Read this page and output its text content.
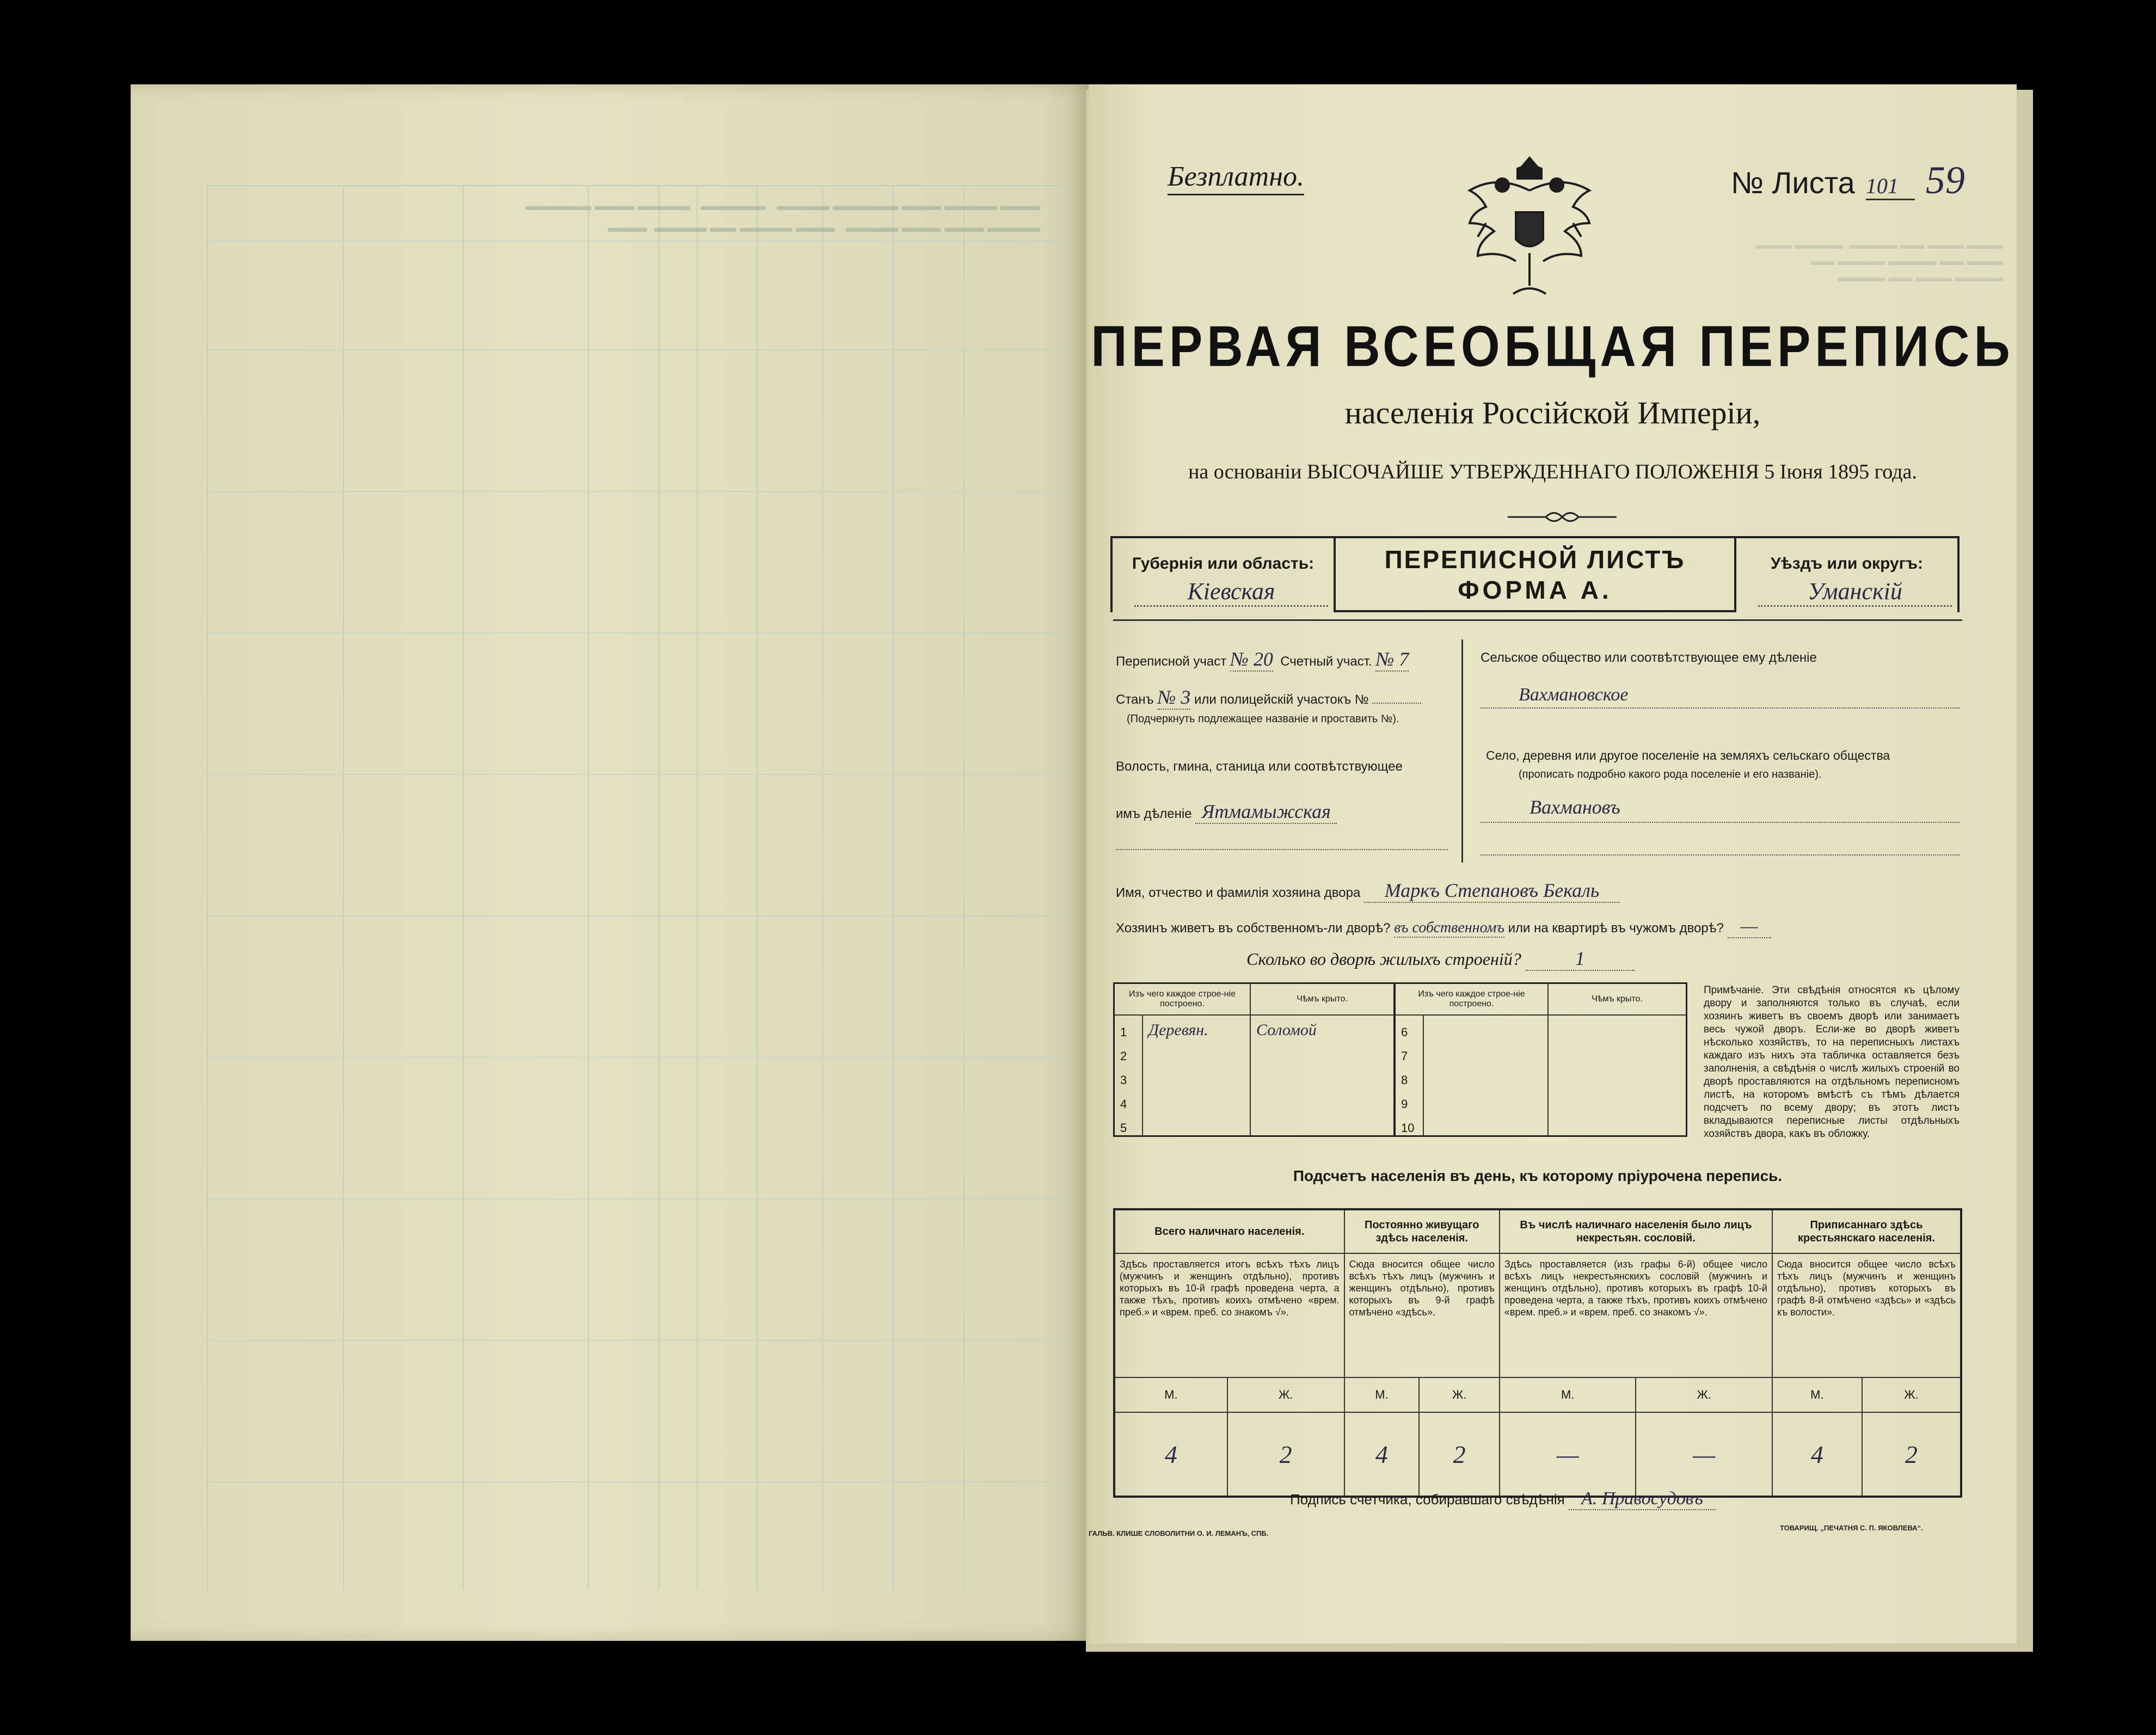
▬▬▬ ▬▬▬▬ ▬▬▬ ▬▬▬▬▬ ▬▬▬▬   ▬▬▬▬▬   ▬▬▬▬ ▬▬▬ ▬▬▬▬▬
▬▬▬▬ ▬▬▬ ▬▬▬ ▬▬▬▬   ▬▬▬ ▬▬▬▬ ▬▬ ▬▬▬▬  ▬▬▬
▬▬▬ ▬▬▬ ▬▬ ▬▬▬▬  ▬▬▬▬ ▬▬▬
▬▬▬ ▬▬ ▬▬▬▬ ▬▬▬▬ ▬▬
▬▬▬▬ ▬▬▬ ▬▬ ▬▬▬▬
Безплатно.	№ Листа 101 59
ПЕРВАЯ ВСЕОБЩАЯ ПЕРЕПИСЬ
населенія Россійской Имперіи,
на основаніи ВЫСОЧАЙШЕ УТВЕРЖДЕННАГО ПОЛОЖЕНІЯ 5 Іюня 1895 года.
Губернія или область:
Кіевская
ПЕРЕПИСНОЙ ЛИСТЪ
ФОРМА А.
Уѣздъ или округъ:
Уманскій
Переписной участ № 20 Счетный участ. № 7
Станъ № 3 или полицейскій участокъ №
(Подчеркнуть подлежащее названіе и проставить №).
Волость, гмина, станица или соотвѣтствующее
имъ дѣленіе Ятмамыжская
Сельское общество или соотвѣтствующее ему дѣленіе
Вахмановское
Село, деревня или другое поселеніе на земляхъ сельскаго общества
(прописать подробно какого рода поселеніе и его названіе).
Вахмановъ
Имя, отчество и фамилія хозяина двора Маркъ Степановъ Бекаль
Хозяинъ живетъ въ собственномъ-ли дворѣ? въ собственномъ или на квартирѣ въ чужомъ дворѣ? —
Сколько во дворѣ жилыхъ строеній?	1
Изъ чего каждое строе-ніе построено.		Чѣмъ крыто.	Изъ чего каждое строе-ніе построено.		Чѣмъ крыто.
1	Деревян.	Соломой	6		
2			7		
3			8		
4			9		
5			10		
Примѣчаніе. Эти свѣдѣнія относятся къ цѣлому двору и заполняются только въ случаѣ, если хозяинъ живетъ въ своемъ дворѣ или занимаетъ весь чужой дворъ. Если-же во дворѣ живетъ нѣсколько хозяйствъ, то на переписныхъ листахъ каждаго изъ нихъ эта табличка оставляется безъ заполненія, а свѣдѣнія о числѣ жилыхъ строеній во дворѣ проставляются на отдѣльномъ переписномъ листѣ, на которомъ вмѣстѣ съ тѣмъ дѣлается подсчетъ по всему двору; въ этотъ листъ вкладываются переписные листы отдѣльныхъ хозяйствъ двора, какъ въ обложку.
Подсчетъ населенія въ день, къ которому пріурочена перепись.
Всего наличнаго населенія.		Постоянно живущаго здѣсь населенія.		Въ числѣ наличнаго населенія было лицъ некрестьян. сословій.		Приписаннаго здѣсь крестьянскаго населенія.	
Здѣсь проставляется итогъ всѣхъ тѣхъ лицъ (мужчинъ и женщинъ отдѣльно), противъ которыхъ въ 10-й графѣ проведена черта, а также тѣхъ, противъ коихъ отмѣчено «врем. преб.» и «врем. преб. со знакомъ √».		Сюда вносится общее число всѣхъ тѣхъ лицъ (мужчинъ и женщинъ отдѣльно), противъ которыхъ въ 9-й графѣ отмѣчено «здѣсь».		Здѣсь проставляется (изъ графы 6-й) общее число всѣхъ лицъ некрестьянскихъ сословій (мужчинъ и женщинъ отдѣльно), противъ которыхъ въ графѣ 10-й проведена черта, а также тѣхъ, противъ коихъ отмѣчено «врем. преб.» и «врем. преб. со знакомъ √».		Сюда вносится общее число всѣхъ тѣхъ лицъ (мужчинъ и женщинъ отдѣльно), противъ которыхъ въ графѣ 8-й отмѣчено «здѣсь» и «здѣсь къ волости».	
М.	Ж.	М.	Ж.	М.	Ж.	М.	Ж.
4	2	4	2	—	—	4	2
Подпись счетчика, собиравшаго свѣдѣнія А. Правосудовъ
ГАЛЬВ. КЛИШЕ СЛОВОЛИТНИ О. И. ЛЕМАНЪ, СПБ.
ТОВАРИЩ. „ПЕЧАТНЯ С. П. ЯКОВЛЕВА“.
